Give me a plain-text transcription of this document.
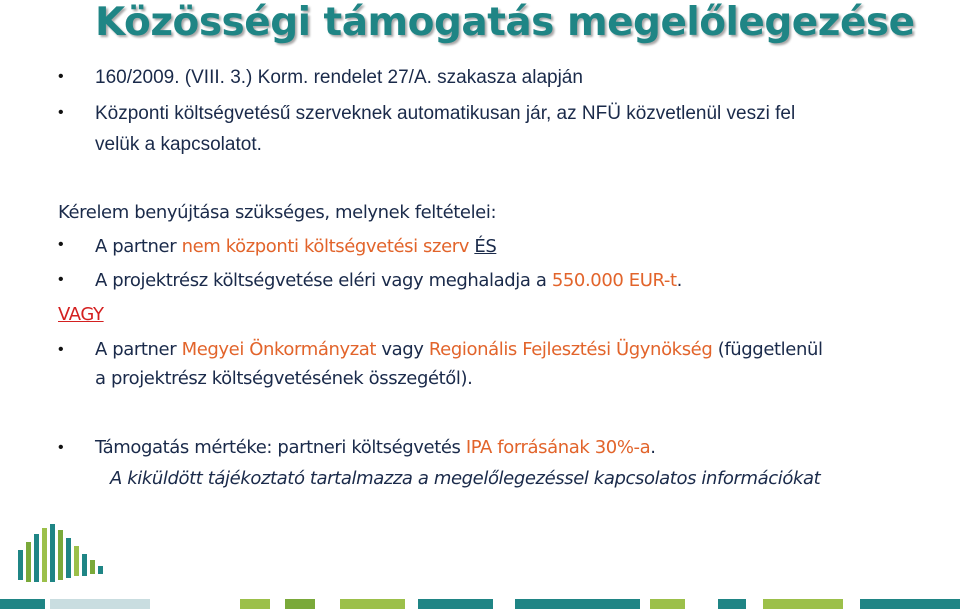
Közösségi támogatás megelőlegezése
• 160/2009. (VIII. 3.) Korm. rendelet 27/A. szakasza alapján
• Központi költségvetésű szerveknek automatikusan jár, az NFÜ közvetlenül veszi fel
velük a kapcsolatot.
Kérelem benyújtása szükséges, melynek feltételei:
• A partner nem központi költségvetési szerv ÉS
• A projektrész költségvetése eléri vagy meghaladja a 550.000 EUR-t.
VAGY
• A partner Megyei Önkormányzat vagy Regionális Fejlesztési Ügynökség (függetlenül
a projektrész költségvetésének összegétől).
• Támogatás mértéke: partneri költségvetés IPA forrásának 30%-a.
A kiküldött tájékoztató tartalmazza a megelőlegezéssel kapcsolatos információkat
